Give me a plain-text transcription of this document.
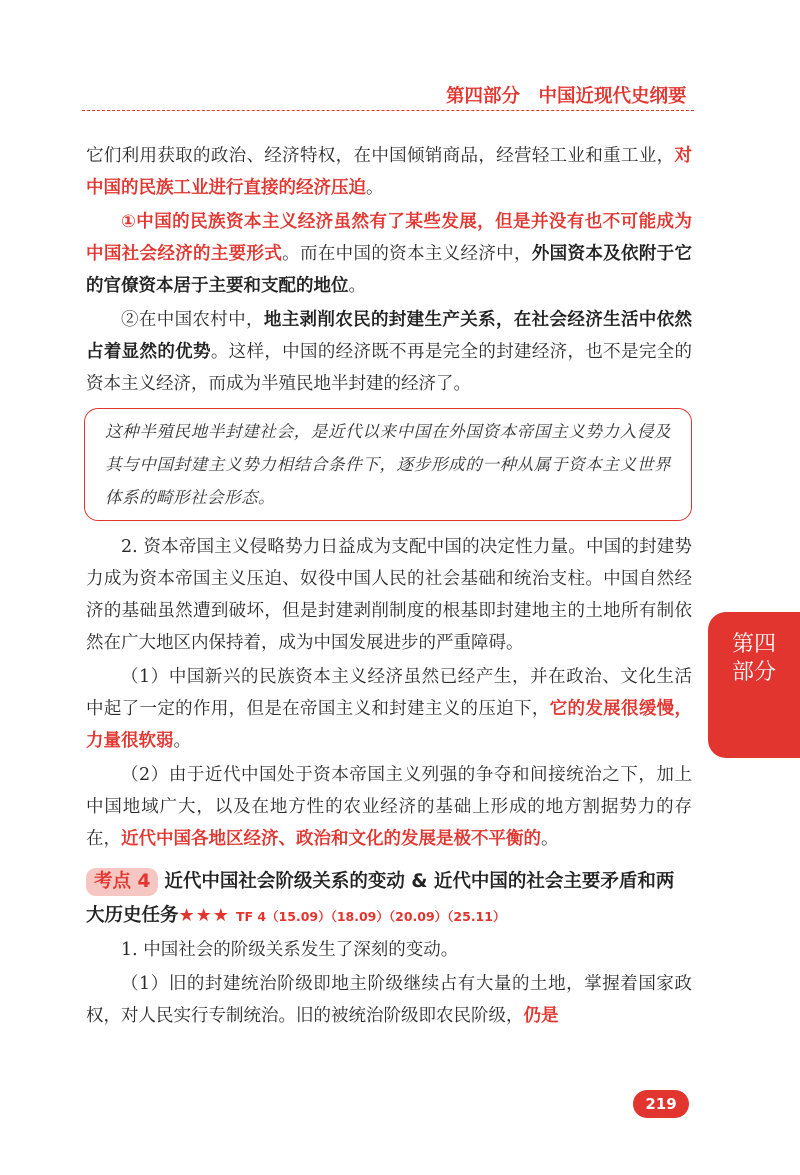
第四部分　中国近现代史纲要

它们利用获取的政治、经济特权，在中国倾销商品，经营轻工业和重工业，对中国的民族工业进行直接的经济压迫。

①中国的民族资本主义经济虽然有了某些发展，但是并没有也不可能成为中国社会经济的主要形式。而在中国的资本主义经济中，外国资本及依附于它的官僚资本居于主要和支配的地位。

②在中国农村中，地主剥削农民的封建生产关系，在社会经济生活中依然占着显然的优势。这样，中国的经济既不再是完全的封建经济，也不是完全的资本主义经济，而成为半殖民地半封建的经济了。

这种半殖民地半封建社会，是近代以来中国在外国资本帝国主义势力入侵及其与中国封建主义势力相结合条件下，逐步形成的一种从属于资本主义世界体系的畸形社会形态。

2. 资本帝国主义侵略势力日益成为支配中国的决定性力量。中国的封建势力成为资本帝国主义压迫、奴役中国人民的社会基础和统治支柱。中国自然经济的基础虽然遭到破坏，但是封建剥削制度的根基即封建地主的土地所有制依然在广大地区内保持着，成为中国发展进步的严重障碍。

（1）中国新兴的民族资本主义经济虽然已经产生，并在政治、文化生活中起了一定的作用，但是在帝国主义和封建主义的压迫下，它的发展很缓慢，力量很软弱。

（2）由于近代中国处于资本帝国主义列强的争夺和间接统治之下，加上中国地域广大，以及在地方性的农业经济的基础上形成的地方割据势力的存在，近代中国各地区经济、政治和文化的发展是极不平衡的。

考点 4 近代中国社会阶级关系的变动 & 近代中国的社会主要矛盾和两大历史任务★★★ TF 4（15.09）（18.09）（20.09）（25.11）

1. 中国社会的阶级关系发生了深刻的变动。

（1）旧的封建统治阶级即地主阶级继续占有大量的土地，掌握着国家政权，对人民实行专制统治。旧的被统治阶级即农民阶级，仍是

第四
部分
219
